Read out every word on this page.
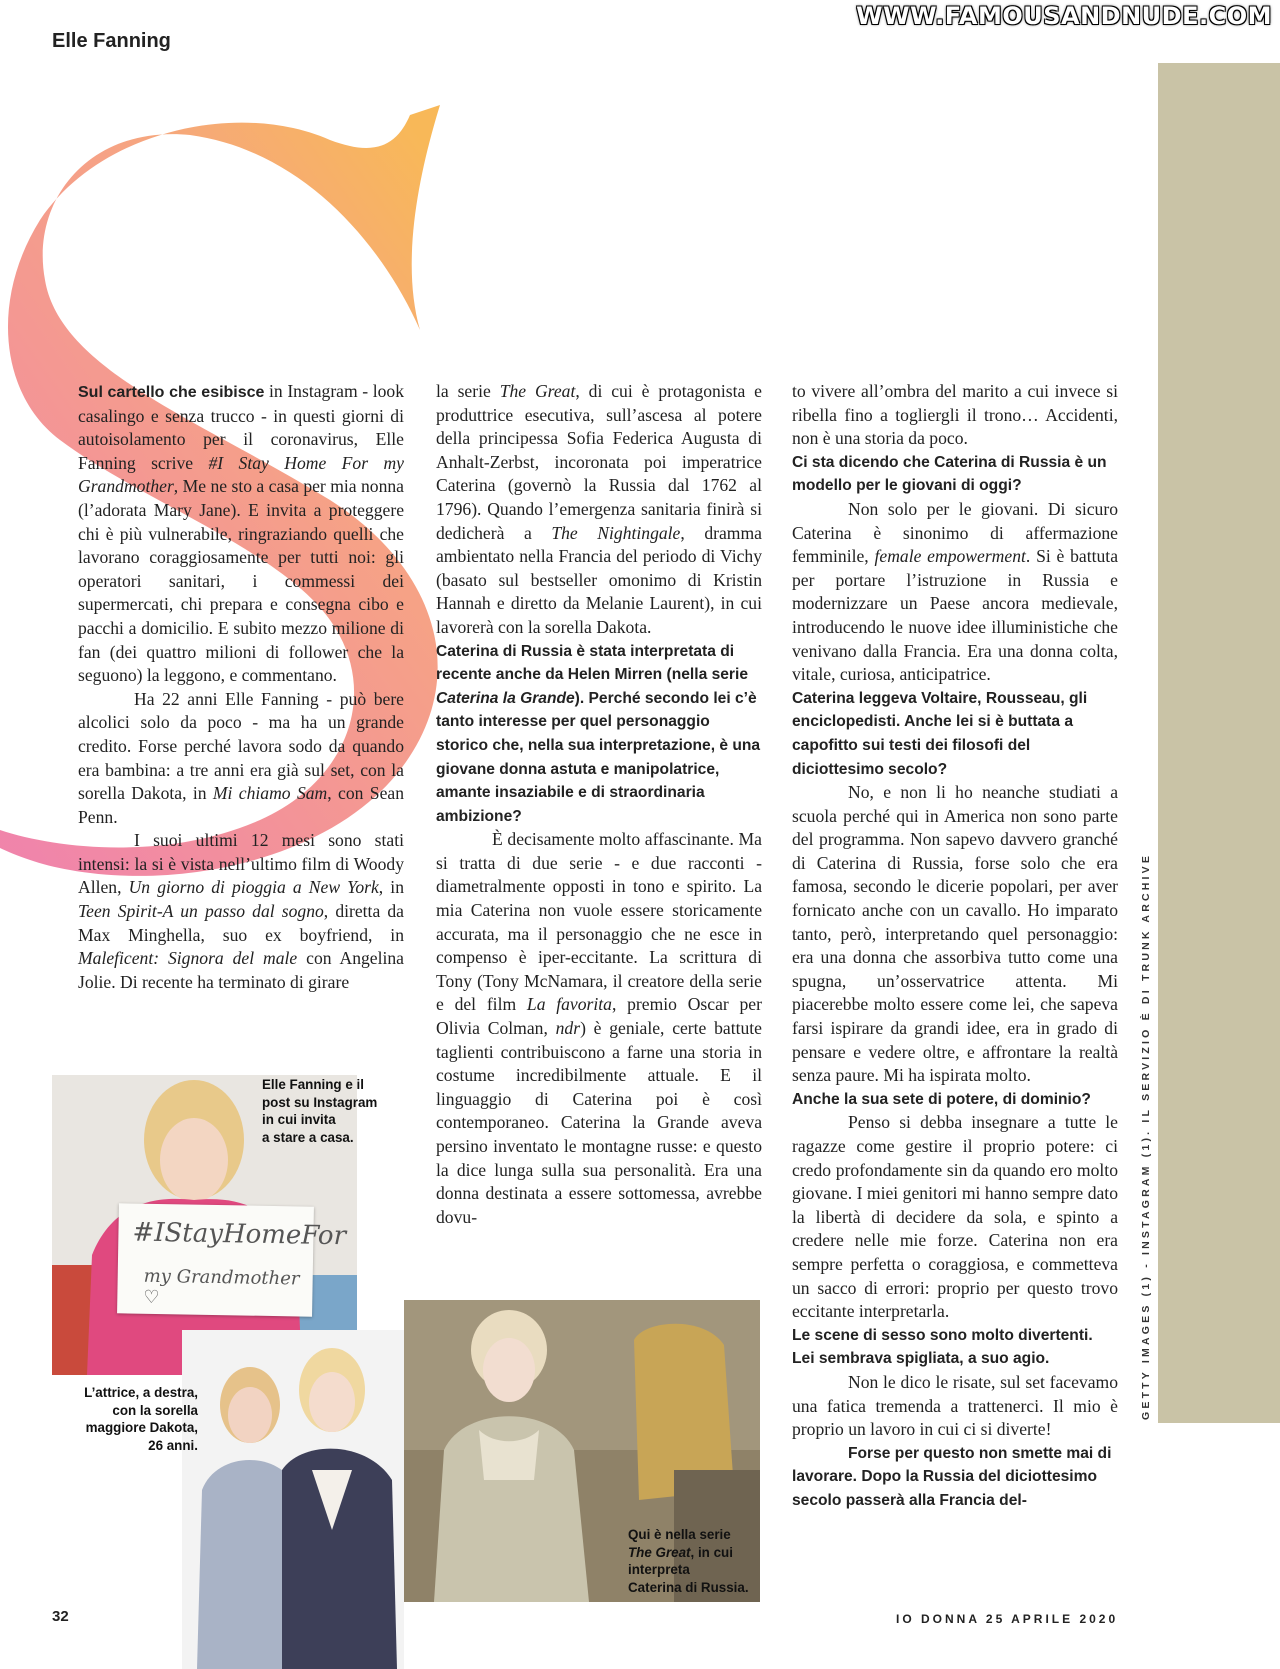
WWW.FAMOUSANDNUDE.COM
Elle Fanning

Sul cartello che esibisce in Instagram - look casalingo e senza trucco - in questi giorni di autoisolamento per il coronavirus, Elle Fanning scrive #I Stay Home For my Grandmother, Me ne sto a casa per mia nonna (l’adorata Mary Jane). E invita a proteggere chi è più vulnerabile, ringraziando quelli che lavorano coraggiosamente per tutti noi: gli operatori sanitari, i commessi dei supermercati, chi prepara e consegna cibo e pacchi a domicilio. E subito mezzo milione di fan (dei quattro milioni di follower che la seguono) la leggono, e commentano.

Ha 22 anni Elle Fanning - può bere alcolici solo da poco - ma ha un grande credito. Forse perché lavora sodo da quando era bambina: a tre anni era già sul set, con la sorella Dakota, in Mi chiamo Sam, con Sean Penn.

I suoi ultimi 12 mesi sono stati intensi: la si è vista nell’ultimo film di Woody Allen, Un giorno di pioggia a New York, in Teen Spirit-A un passo dal sogno, diretta da Max Minghella, suo ex boyfriend, in Maleficent: Signora del male con Angelina Jolie. Di recente ha terminato di girare

la serie The Great, di cui è protagonista e produttrice esecutiva, sull’ascesa al potere della principessa Sofia Federica Augusta di Anhalt-Zerbst, incoronata poi imperatrice Caterina (governò la Russia dal 1762 al 1796). Quando l’emergenza sanitaria finirà si dedicherà a The Nightingale, dramma ambientato nella Francia del periodo di Vichy (basato sul bestseller omonimo di Kristin Hannah e diretto da Melanie Laurent), in cui lavorerà con la sorella Dakota.

Caterina di Russia è stata interpretata di recente anche da Helen Mirren (nella serie Caterina la Grande). Perché secondo lei c’è tanto interesse per quel personaggio storico che, nella sua interpretazione, è una giovane donna astuta e manipolatrice, amante insaziabile e di straordinaria ambizione?

È decisamente molto affascinante. Ma si tratta di due serie - e due racconti - diametralmente opposti in tono e spirito. La mia Caterina non vuole essere storicamente accurata, ma il personaggio che ne esce in compenso è iper-eccitante. La scrittura di Tony (Tony McNamara, il creatore della serie e del film La favorita, premio Oscar per Olivia Colman, ndr) è geniale, certe battute taglienti contribuiscono a farne una storia in costume incredibilmente attuale. E il linguaggio di Caterina poi è così contemporaneo. Caterina la Grande aveva persino inventato le montagne russe: e questo la dice lunga sulla sua personalità. Era una donna destinata a essere sottomessa, avrebbe dovu-

to vivere all’ombra del marito a cui invece si ribella fino a togliergli il trono… Accidenti, non è una storia da poco.

Ci sta dicendo che Caterina di Russia è un modello per le giovani di oggi?

Non solo per le giovani. Di sicuro Caterina è sinonimo di affermazione femminile, female empowerment. Si è battuta per portare l’istruzione in Russia e modernizzare un Paese ancora medievale, introducendo le nuove idee illuministiche che venivano dalla Francia. Era una donna colta, vitale, curiosa, anticipatrice.

Caterina leggeva Voltaire, Rousseau, gli enciclopedisti. Anche lei si è buttata a capofitto sui testi dei filosofi del diciottesimo secolo?

No, e non li ho neanche studiati a scuola perché qui in America non sono parte del programma. Non sapevo davvero granché di Caterina di Russia, forse solo che era famosa, secondo le dicerie popolari, per aver fornicato anche con un cavallo. Ho imparato tanto, però, interpretando quel personaggio: era una donna che assorbiva tutto come una spugna, un’osservatrice attenta. Mi piacerebbe molto essere come lei, che sapeva farsi ispirare da grandi idee, era in grado di pensare e vedere oltre, e affrontare la realtà senza paure. Mi ha ispirata molto.

Anche la sua sete di potere, di dominio?

Penso si debba insegnare a tutte le ragazze come gestire il proprio potere: ci credo profondamente sin da quando ero molto giovane. I miei genitori mi hanno sempre dato la libertà di decidere da sola, e spinto a credere nelle mie forze. Caterina non era sempre perfetta o coraggiosa, e commetteva un sacco di errori: proprio per questo trovo eccitante interpretarla.

Le scene di sesso sono molto divertenti. Lei sembrava spigliata, a suo agio.

Non le dico le risate, sul set facevamo una fatica tremenda a trattenerci. Il mio è proprio un lavoro in cui ci si diverte!

Forse per questo non smette mai di lavorare. Dopo la Russia del diciottesimo secolo passerà alla Francia del-

#IStayHomeFor
my Grandmother ♡
Elle Fanning e il
post su Instagram
in cui invita
a stare a casa.
L’attrice, a destra,
con la sorella
maggiore Dakota,
26 anni.
Qui è nella serie
The Great, in cui
interpreta
Caterina di Russia.
GETTY IMAGES (1) - INSTAGRAM (1). IL SERVIZIO È DI TRUNK ARCHIVE
32	IO DONNA 25 APRILE 2020
